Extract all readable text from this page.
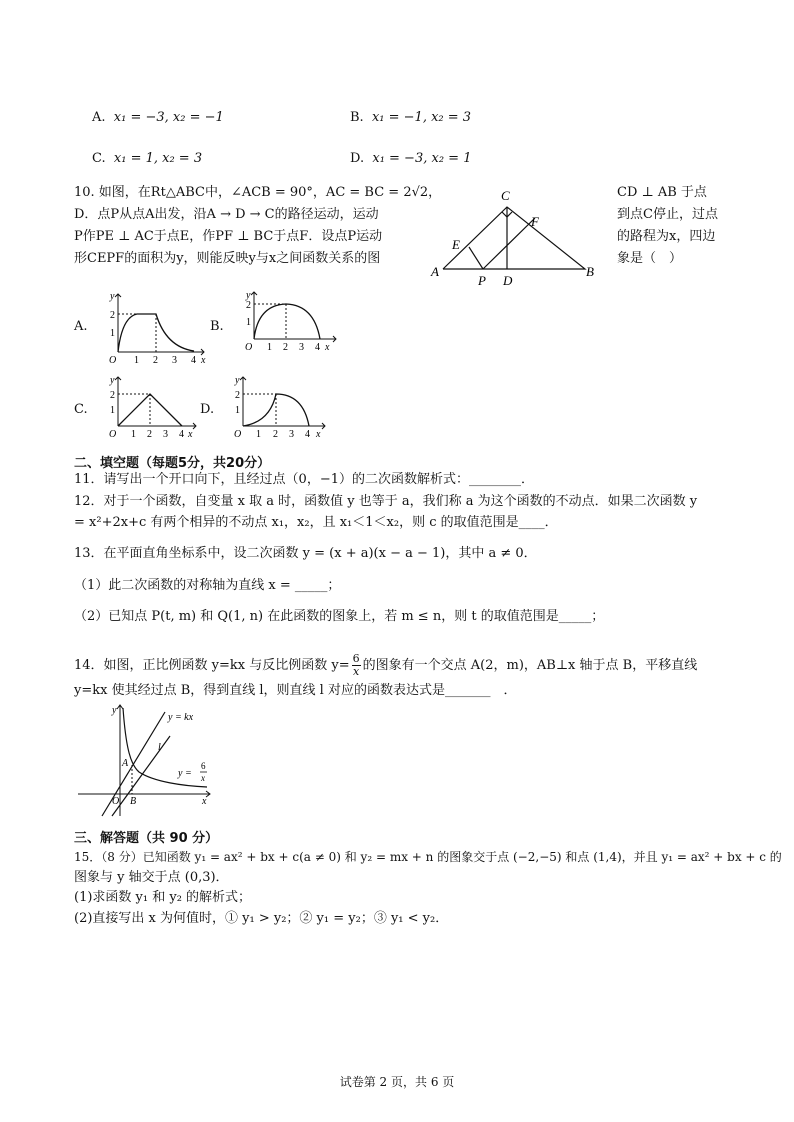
A. x₁ = −3, x₂ = −1	B. x₁ = −1, x₂ = 3
C. x₁ = 1, x₂ = 3	D. x₁ = −3, x₂ = 1
10. 如图，在Rt△ABC中，∠ACB = 90°，AC = BC = 2√2，
D．点P从点A出发，沿A → D → C的路径运动，运动
P作PE ⊥ AC于点E，作PF ⊥ BC于点F．设点P运动
形CEPF的面积为y，则能反映y与x之间函数关系的图
CD ⊥ AB 于点
到点C停止，过点
的路程为x，四边
象是（　）
C
F
E
A
P D
B
A.	B.
C.	D.
y
2
1
O 1 2 3 4 x
y
2
1
O 1 2 3 4 x
y
2
1
O 1 2 3 4 x
y
2
1
O 1 2 3 4 x
二、填空题（每题5分，共20分）
11．请写出一个开口向下，且经过点（0，−1）的二次函数解析式：________．
12．对于一个函数，自变量 x 取 a 时，函数值 y 也等于 a，我们称 a 为这个函数的不动点．如果二次函数 y
= x²+2x+c 有两个相异的不动点 x₁，x₂，且 x₁＜1＜x₂，则 c 的取值范围是____．
13．在平面直角坐标系中，设二次函数 y = (x + a)(x − a − 1)，其中 a ≠ 0．
（1）此二次函数的对称轴为直线 x = _____；
（2）已知点 P(t, m) 和 Q(1, n) 在此函数的图象上，若 m ≤ n，则 t 的取值范围是_____；
14．如图，正比例函数 y=kx 与反比例函数 $y= \frac{6}{x}$ 的图象有一个交点 A(2，m)，AB⊥x 轴于点 B，平移直线
y=kx 使其经过点 B，得到直线 l，则直线 l 对应的函数表达式是_______　．
y
y = kx
l
A
y =
6
x
O B	x
三、解答题（共 90 分）
15．（8 分）已知函数 y₁ = ax² + bx + c(a ≠ 0) 和 y₂ = mx + n 的图象交于点 (−2,−5) 和点 (1,4)，并且 y₁ = ax² + bx + c 的
图象与 y 轴交于点 (0,3)．
(1)求函数 y₁ 和 y₂ 的解析式；
(2)直接写出 x 为何值时，① y₁ > y₂；② y₁ = y₂；③ y₁ < y₂．
试卷第 2 页，共 6 页
